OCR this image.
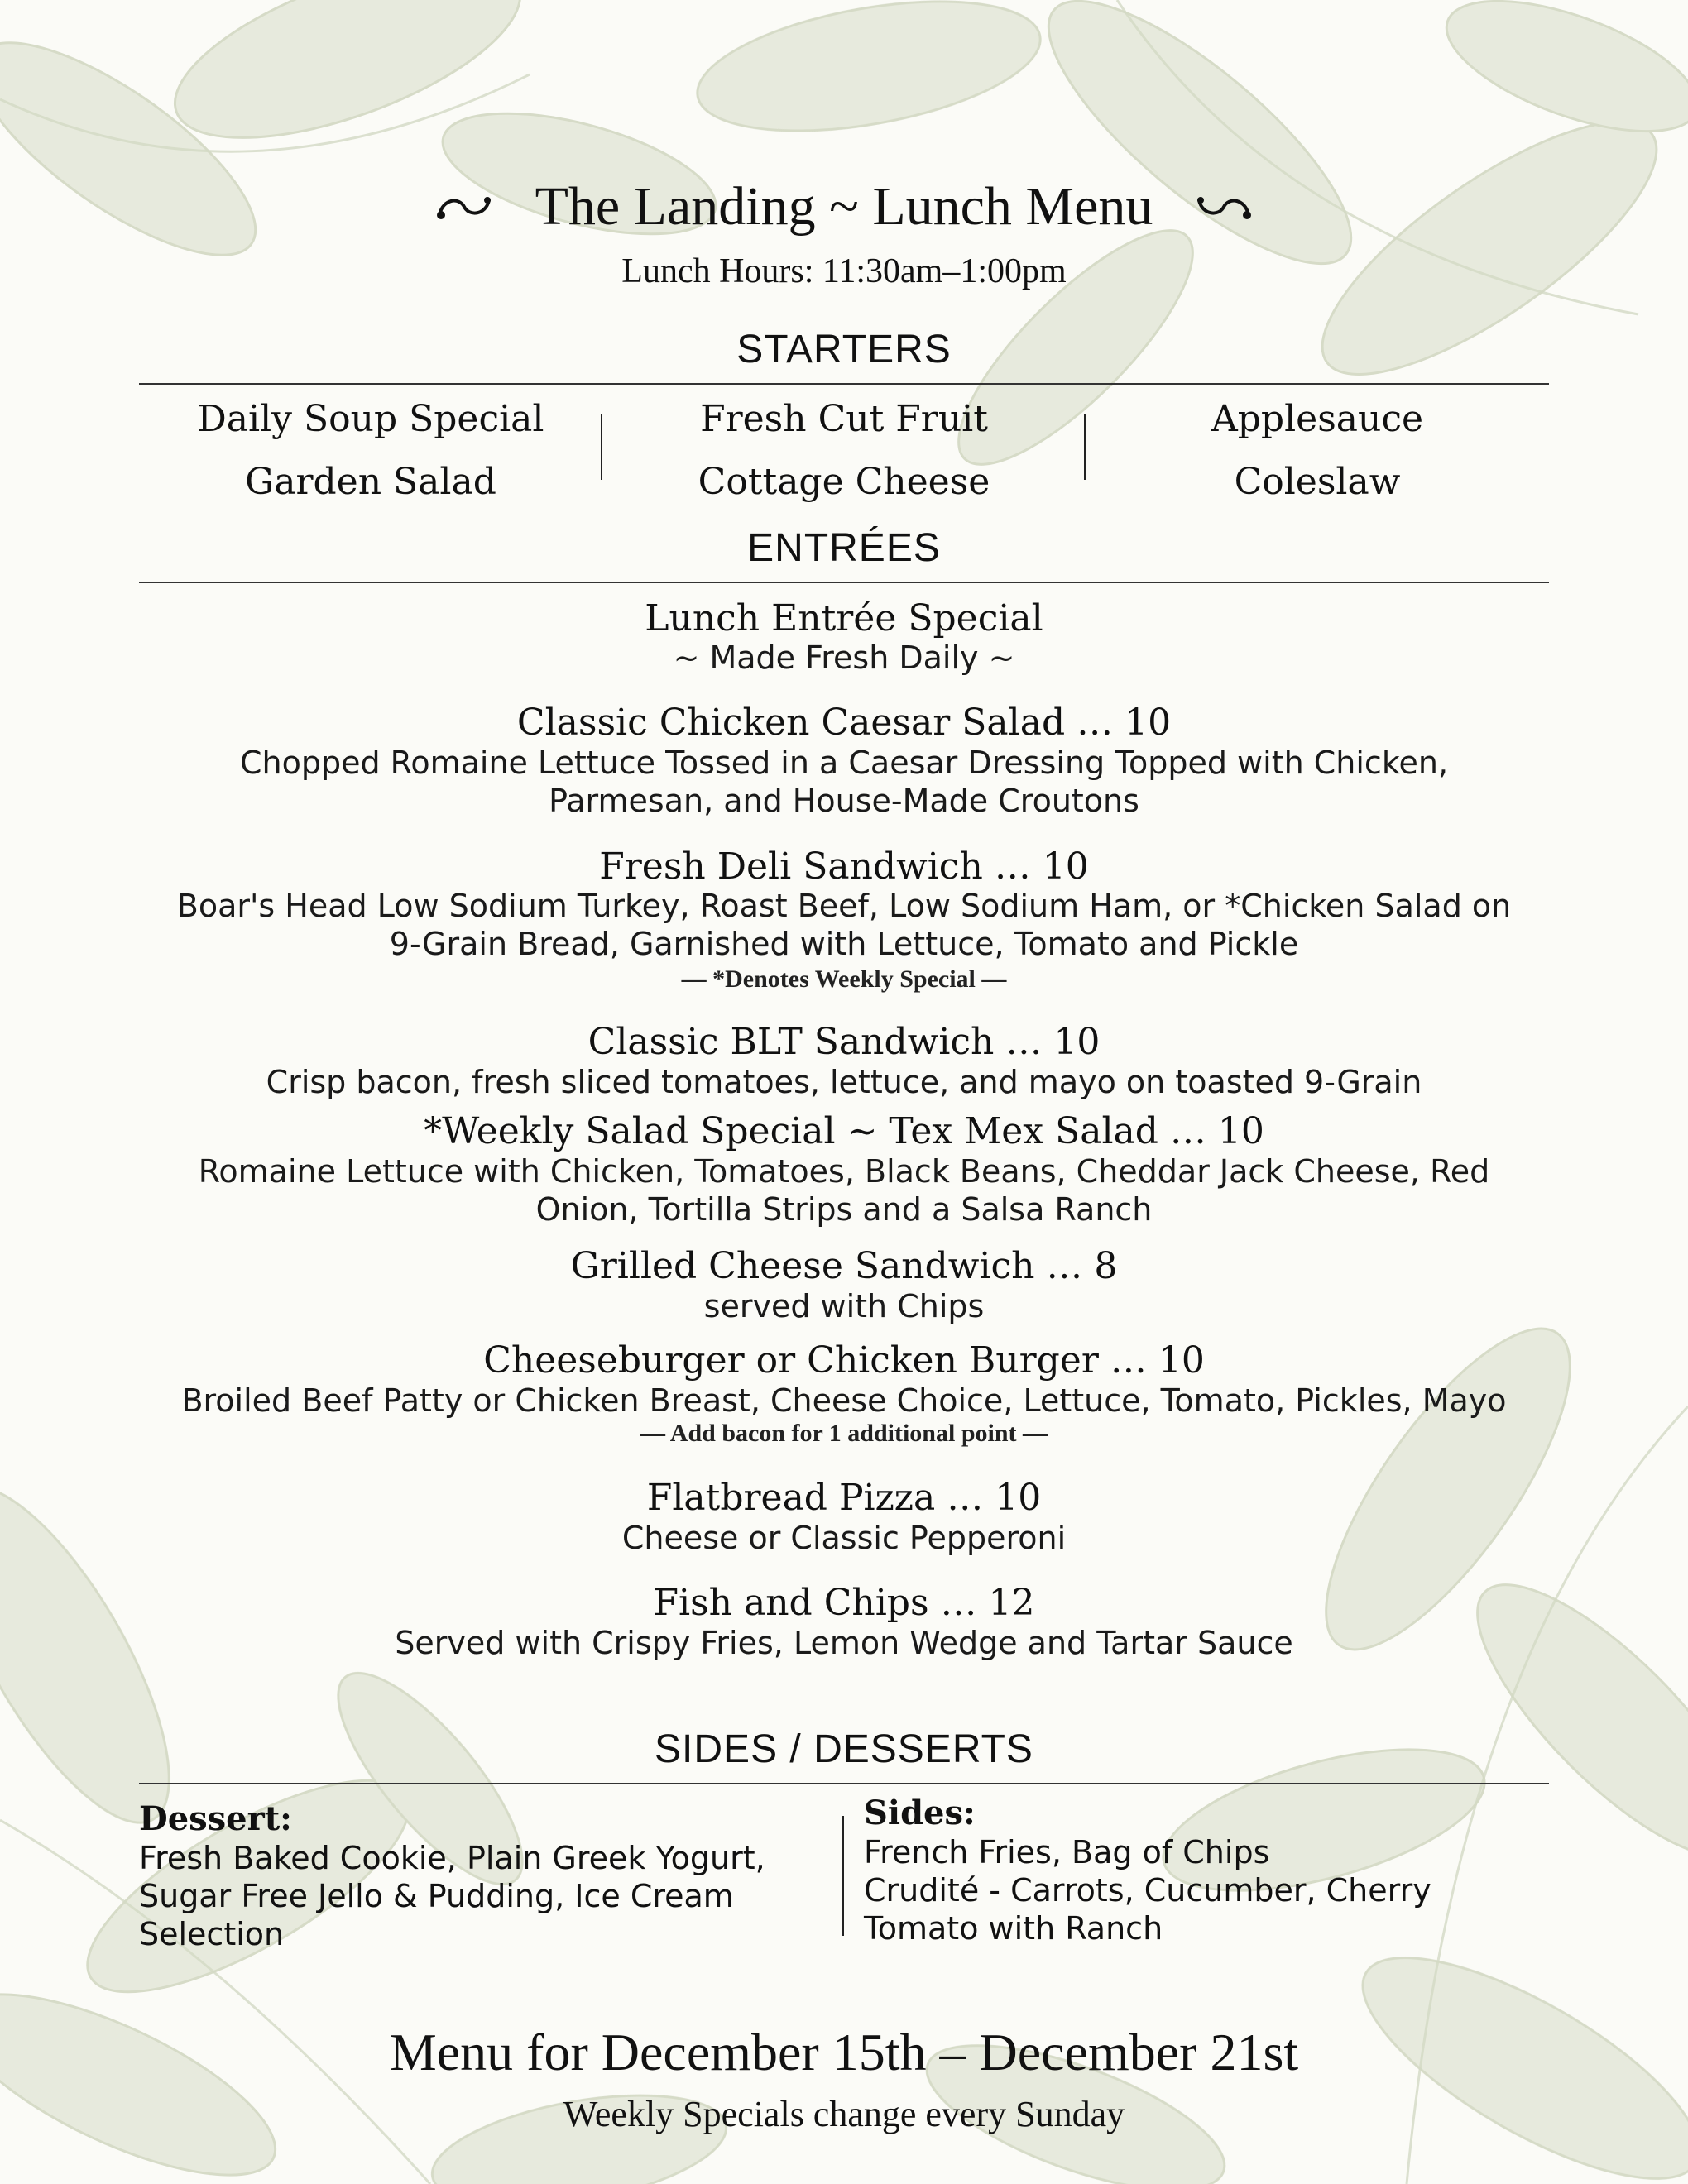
The Landing ~ Lunch Menu
Lunch Hours: 11:30am–1:00pm
STARTERS
Daily Soup Special
Garden Salad
Fresh Cut Fruit
Cottage Cheese
Applesauce
Coleslaw
ENTRÉES
Lunch Entrée Special
~ Made Fresh Daily ~
Classic Chicken Caesar Salad … 10
Chopped Romaine Lettuce Tossed in a Caesar Dressing Topped with Chicken,
Parmesan, and House-Made Croutons
Fresh Deli Sandwich … 10
Boar's Head Low Sodium Turkey, Roast Beef, Low Sodium Ham, or *Chicken Salad on
9-Grain Bread, Garnished with Lettuce, Tomato and Pickle
— *Denotes Weekly Special —
Classic BLT Sandwich … 10
Crisp bacon, fresh sliced tomatoes, lettuce, and mayo on toasted 9-Grain
*Weekly Salad Special ~ Tex Mex Salad … 10
Romaine Lettuce with Chicken, Tomatoes, Black Beans, Cheddar Jack Cheese, Red
Onion, Tortilla Strips and a Salsa Ranch
Grilled Cheese Sandwich … 8
served with Chips
Cheeseburger or Chicken Burger … 10
Broiled Beef Patty or Chicken Breast, Cheese Choice, Lettuce, Tomato, Pickles, Mayo
— Add bacon for 1 additional point —
Flatbread Pizza … 10
Cheese or Classic Pepperoni
Fish and Chips … 12
Served with Crispy Fries, Lemon Wedge and Tartar Sauce
SIDES / DESSERTS
Dessert:
Fresh Baked Cookie, Plain Greek Yogurt,
Sugar Free Jello & Pudding, Ice Cream
Selection
Sides:
French Fries, Bag of Chips
Crudité - Carrots, Cucumber, Cherry
Tomato with Ranch
Menu for December 15th – December 21st
Weekly Specials change every Sunday
